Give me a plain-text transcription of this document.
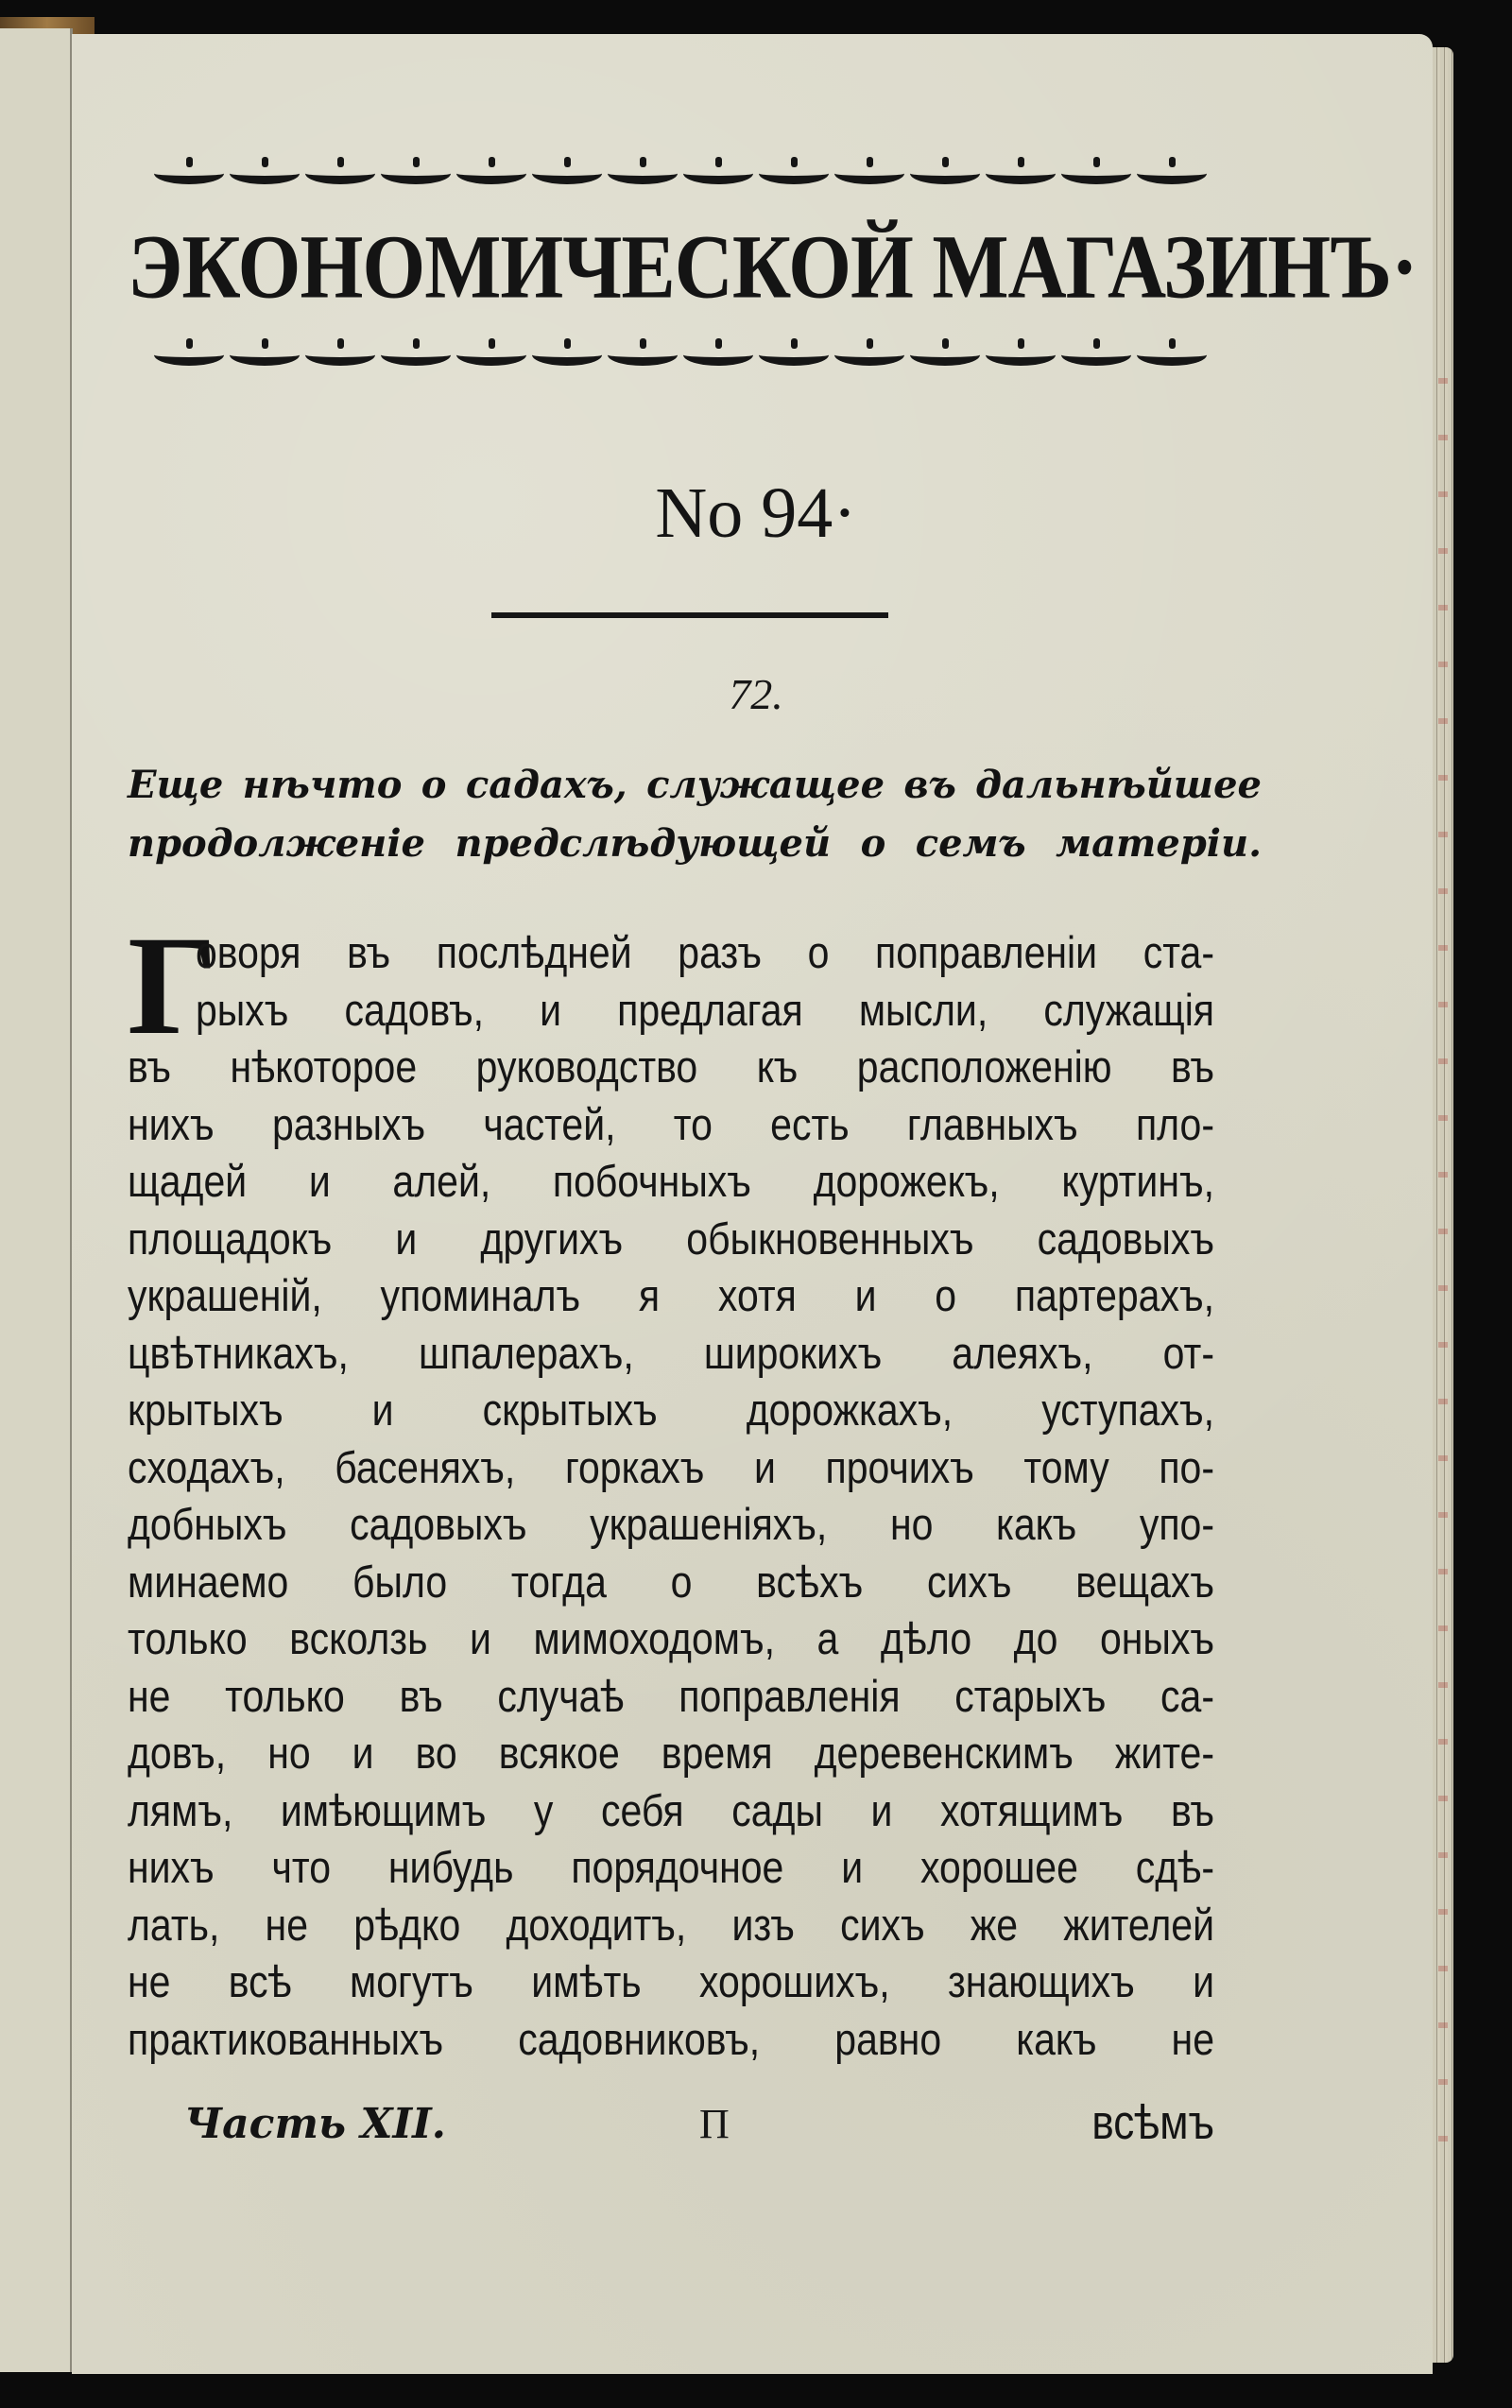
ЭКОНОМИЧЕСКОЙ МАГАЗИНЪ·
No 94·
72.
Еще нѣчто о садахъ, служащее въ дальнѣйшее
продолженіе предслѣдующей о семъ матеріи.
Г
оворя въ послѣдней разъ о поправленіи ста-
рыхъ садовъ, и предлагая мысли, служащія
въ нѣкоторое руководство къ расположенію въ
нихъ разныхъ частей, то есть главныхъ пло-
щадей и алей, побочныхъ дорожекъ, куртинъ,
площадокъ и другихъ обыкновенныхъ садовыхъ
украшеній, упоминалъ я хотя и о партерахъ,
цвѣтникахъ, шпалерахъ, широкихъ алеяхъ, от-
крытыхъ и скрытыхъ дорожкахъ, уступахъ,
сходахъ, басеняхъ, горкахъ и прочихъ тому по-
добныхъ садовыхъ украшеніяхъ, но какъ упо-
минаемо было тогда о всѣхъ сихъ вещахъ
только всколзь и мимоходомъ, а дѣло до оныхъ
не только въ случаѣ поправленія старыхъ са-
довъ, но и во всякое время деревенскимъ жите-
лямъ, имѣющимъ у себя сады и хотящимъ въ
нихъ что нибудь порядочное и хорошее сдѣ-
лать, не рѣдко доходитъ, изъ сихъ же жителей
не всѣ могутъ имѣть хорошихъ, знающихъ и
практикованныхъ садовниковъ, равно какъ не
Часть XII.	П	всѣмъ
